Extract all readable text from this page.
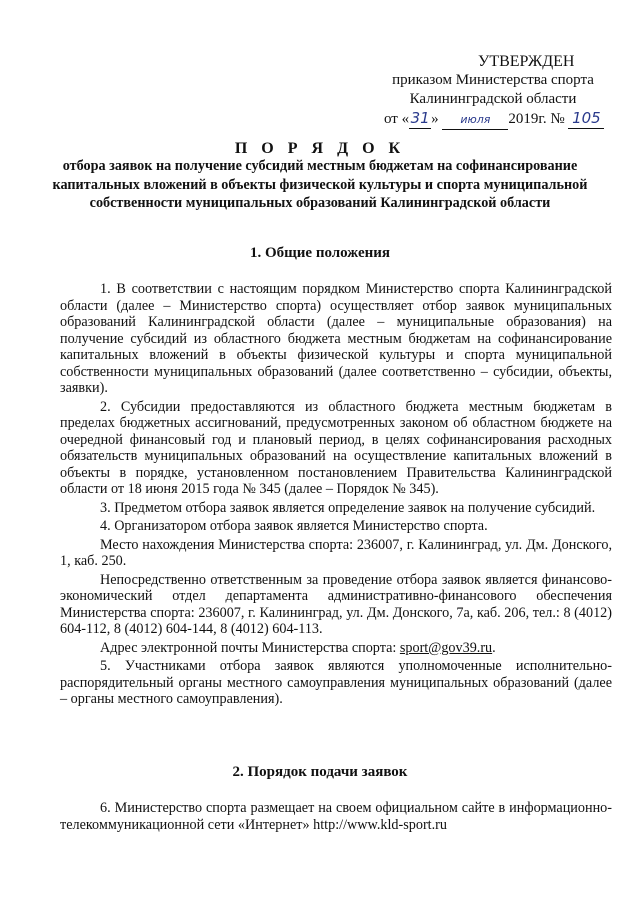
УТВЕРЖДЕН
приказом Министерства спорта
Калининградской области
от «31» июля 2019г. № 105
П О Р Я Д О К
отбора заявок на получение субсидий местным бюджетам на софинансирование капитальных вложений в объекты физической культуры и спорта муниципальной собственности муниципальных образований Калининградской области
1. Общие положения

1. В соответствии с настоящим порядком Министерство спорта Калининградской области (далее – Министерство спорта) осуществляет отбор заявок муниципальных образований Калининградской области (далее – муниципальные образования) на получение субсидий из областного бюджета местным бюджетам на софинансирование капитальных вложений в объекты физической культуры и спорта муниципальной собственности муниципальных образований (далее соответственно – субсидии, объекты, заявки).

2. Субсидии предоставляются из областного бюджета местным бюджетам в пределах бюджетных ассигнований, предусмотренных законом об областном бюджете на очередной финансовый год и плановый период, в целях софинансирования расходных обязательств муниципальных образований на осуществление капитальных вложений в объекты в порядке, установленном постановлением Правительства Калининградской области от 18 июня 2015 года № 345 (далее – Порядок № 345).

3. Предметом отбора заявок является определение заявок на получение субсидий.

4. Организатором отбора заявок является Министерство спорта.

Место нахождения Министерства спорта: 236007, г. Калининград, ул. Дм. Донского, 1, каб. 250.

Непосредственно ответственным за проведение отбора заявок является финансово-экономический отдел департамента административно-финансового обеспечения Министерства спорта: 236007, г. Калининград, ул. Дм. Донского, 7а, каб. 206, тел.: 8 (4012) 604-112, 8 (4012) 604-144, 8 (4012) 604-113.

Адрес электронной почты Министерства спорта: sport@gov39.ru.

5. Участниками отбора заявок являются уполномоченные исполнительно-распорядительный органы местного самоуправления муниципальных образований (далее – органы местного самоуправления).

2. Порядок подачи заявок

6. Министерство спорта размещает на своем официальном сайте в информационно-телекоммуникационной сети «Интернет» http://www.kld-sport.ru
